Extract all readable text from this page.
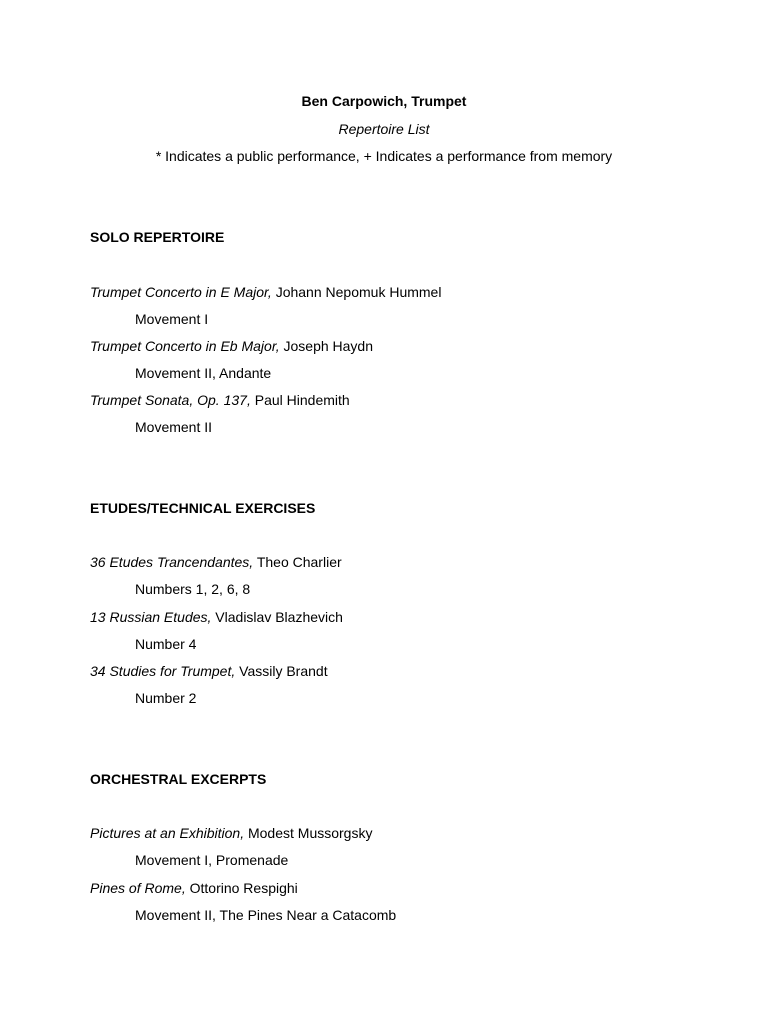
Ben Carpowich, Trumpet
Repertoire List
* Indicates a public performance, + Indicates a performance from memory
SOLO REPERTOIRE
Trumpet Concerto in E Major, Johann Nepomuk Hummel
Movement I
Trumpet Concerto in Eb Major, Joseph Haydn
Movement II, Andante
Trumpet Sonata, Op. 137, Paul Hindemith
Movement II
ETUDES/TECHNICAL EXERCISES
36 Etudes Trancendantes, Theo Charlier
Numbers 1, 2, 6, 8
13 Russian Etudes, Vladislav Blazhevich
Number 4
34 Studies for Trumpet, Vassily Brandt
Number 2
ORCHESTRAL EXCERPTS
Pictures at an Exhibition, Modest Mussorgsky
Movement I, Promenade
Pines of Rome, Ottorino Respighi
Movement II, The Pines Near a Catacomb
